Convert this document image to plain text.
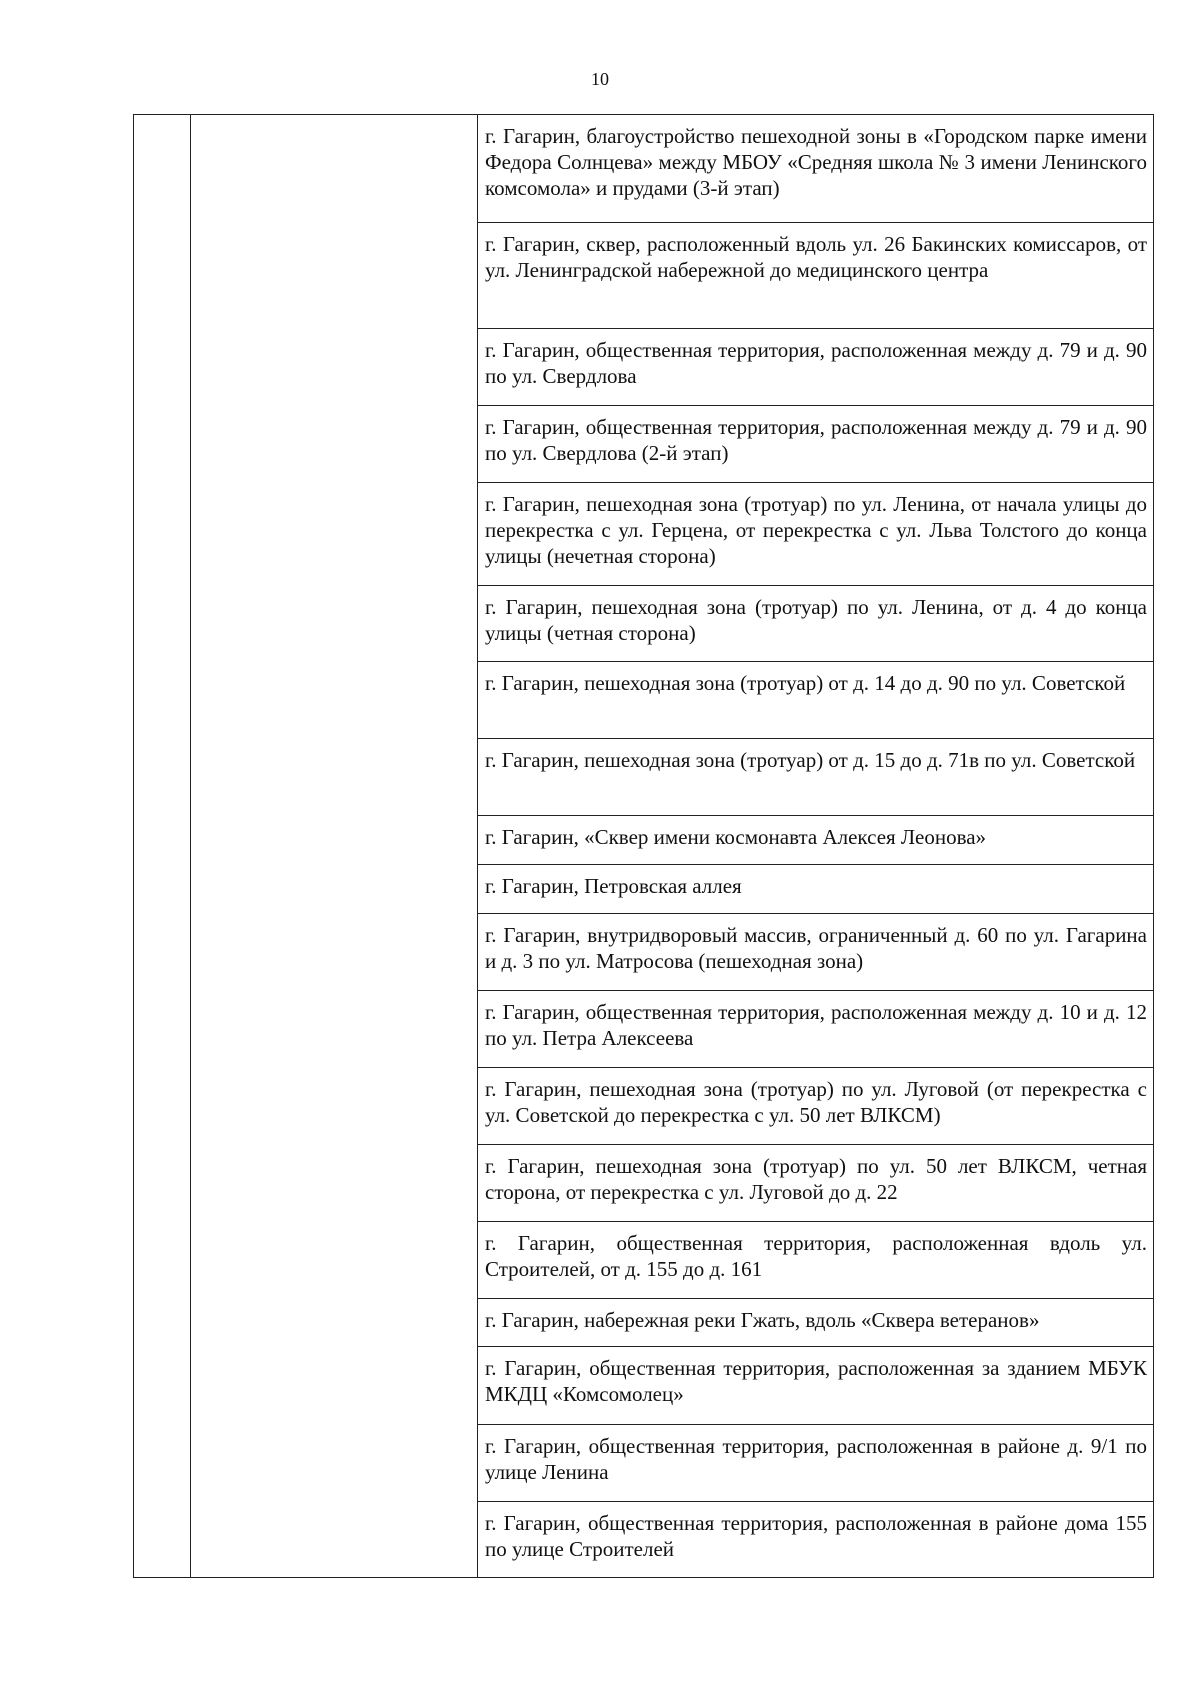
10

г. Гагарин, благоустройство пешеходной зоны в «Городском парке имени Федора Солнцева» между МБОУ «Средняя школа № 3 имени Ленинского комсомола» и прудами (3-й этап)

г. Гагарин, сквер, расположенный вдоль ул. 26 Бакинских комиссаров, от ул. Ленинградской набережной до медицинского центра

г. Гагарин, общественная территория, расположенная между д. 79 и д. 90 по ул. Свердлова

г. Гагарин, общественная территория, расположенная между д. 79 и д. 90 по ул. Свердлова (2-й этап)

г. Гагарин, пешеходная зона (тротуар) по ул. Ленина, от начала улицы до перекрестка с ул. Герцена, от перекрестка с ул. Льва Толстого до конца улицы (нечетная сторона)

г. Гагарин, пешеходная зона (тротуар) по ул. Ленина, от д. 4 до конца улицы (четная сторона)

г. Гагарин, пешеходная зона (тротуар) от д. 14 до д. 90 по ул. Советской

г. Гагарин, пешеходная зона (тротуар) от д. 15 до д. 71в по ул. Советской

г. Гагарин, «Сквер имени космонавта Алексея Леонова»

г. Гагарин, Петровская аллея

г. Гагарин, внутридворовый массив, ограниченный д. 60 по ул. Гагарина и д. 3 по ул. Матросова (пешеходная зона)

г. Гагарин, общественная территория, расположенная между д. 10 и д. 12 по ул. Петра Алексеева

г. Гагарин, пешеходная зона (тротуар) по ул. Луговой (от перекрестка с ул. Советской до перекрестка с ул. 50 лет ВЛКСМ)

г. Гагарин, пешеходная зона (тротуар) по ул. 50 лет ВЛКСМ, четная сторона, от перекрестка с ул. Луговой до д. 22

г. Гагарин, общественная территория, расположенная вдоль ул. Строителей, от д. 155 до д. 161

г. Гагарин, набережная реки Гжать, вдоль «Сквера ветеранов»

г. Гагарин, общественная территория, расположенная за зданием МБУК МКДЦ «Комсомолец»

г. Гагарин, общественная территория, расположенная в районе д. 9/1 по улице Ленина

г. Гагарин, общественная территория, расположенная в районе дома 155 по улице Строителей
